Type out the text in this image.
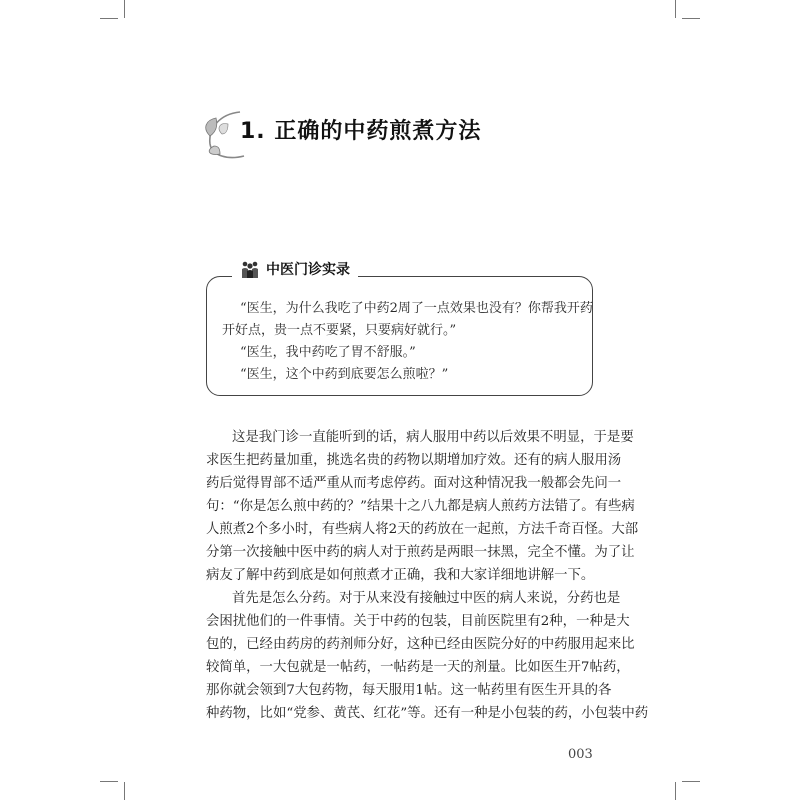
1. 正确的中药煎煮方法
中医门诊实录
“医生，为什么我吃了中药2周了一点效果也没有？你帮我开药
开好点，贵一点不要紧，只要病好就行。”
“医生，我中药吃了胃不舒服。”
“医生，这个中药到底要怎么煎啦？”
这是我门诊一直能听到的话，病人服用中药以后效果不明显，于是要
求医生把药量加重，挑选名贵的药物以期增加疗效。还有的病人服用汤
药后觉得胃部不适严重从而考虑停药。面对这种情况我一般都会先问一
句：“你是怎么煎中药的？”结果十之八九都是病人煎药方法错了。有些病
人煎煮2个多小时，有些病人将2天的药放在一起煎，方法千奇百怪。大部
分第一次接触中医中药的病人对于煎药是两眼一抹黑，完全不懂。为了让
病友了解中药到底是如何煎煮才正确，我和大家详细地讲解一下。
首先是怎么分药。对于从来没有接触过中医的病人来说，分药也是
会困扰他们的一件事情。关于中药的包装，目前医院里有2种，一种是大
包的，已经由药房的药剂师分好，这种已经由医院分好的中药服用起来比
较简单，一大包就是一帖药，一帖药是一天的剂量。比如医生开7帖药，
那你就会领到7大包药物，每天服用1帖。这一帖药里有医生开具的各
种药物，比如“党参、黄芪、红花”等。还有一种是小包装的药，小包装中药
003
